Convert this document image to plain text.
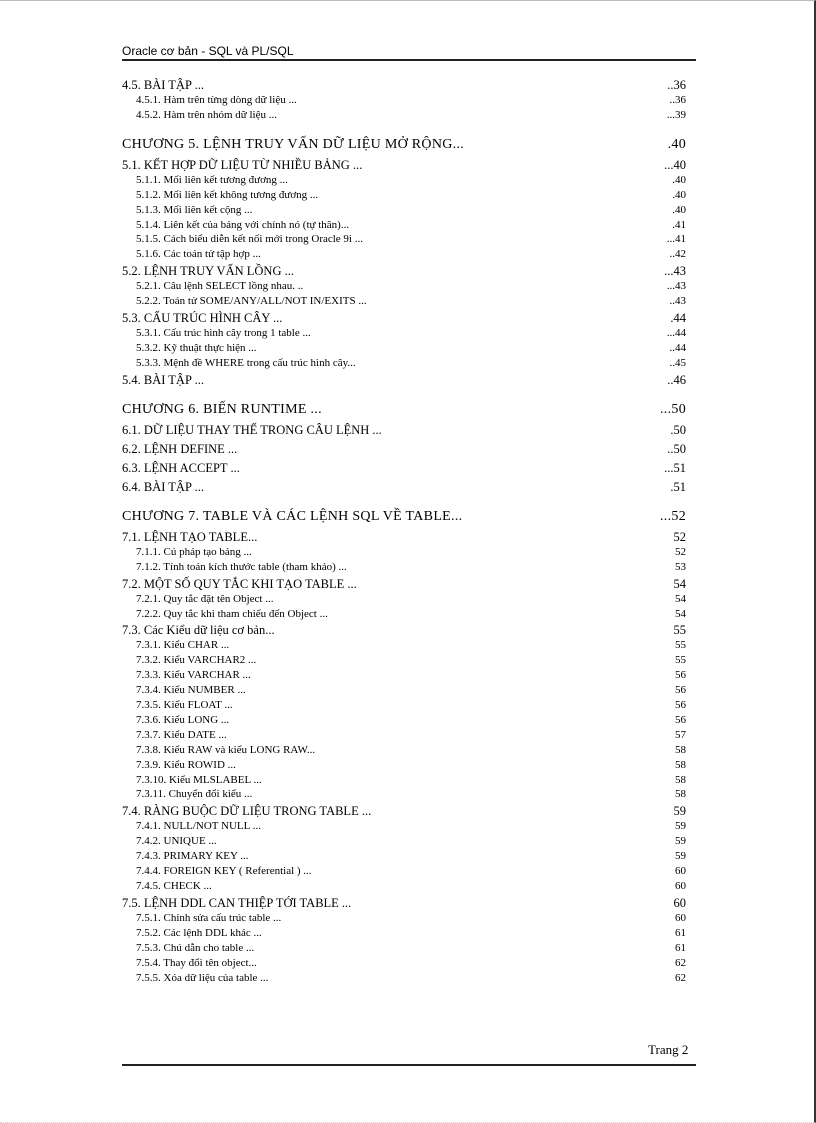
Oracle cơ bản - SQL và PL/SQL
4.5. BÀI TẬP ...	..36
4.5.1. Hàm trên từng dòng dữ liệu ...	..36
4.5.2. Hàm trên nhóm dữ liệu ...	...39
CHƯƠNG 5. LỆNH TRUY VẤN DỮ LIỆU MỞ RỘNG...	.40
5.1. KẾT HỢP DỮ LIỆU TỪ NHIỀU BẢNG ...	...40
5.1.1. Mối liên kết tương đương ...	.40
5.1.2. Mối liên kết không tương đương ...	.40
5.1.3. Mối liên kết cộng ...	.40
5.1.4. Liên kết của bảng với chính nó (tự thân)...	.41
5.1.5. Cách biểu diễn kết nối mới trong Oracle 9i ...	...41
5.1.6. Các toán tử tập hợp ...	..42
5.2. LỆNH TRUY VẤN LỒNG ...	...43
5.2.1. Câu lệnh SELECT lồng nhau. ..	...43
5.2.2. Toán tử SOME/ANY/ALL/NOT IN/EXITS ...	..43
5.3. CẤU TRÚC HÌNH CÂY ...	.44
5.3.1. Cấu trúc hình cây trong 1 table ...	...44
5.3.2. Kỹ thuật thực hiện ...	..44
5.3.3. Mệnh đề WHERE trong cấu trúc hình cây...	..45
5.4. BÀI TẬP ...	..46
CHƯƠNG 6. BIẾN RUNTIME ...	...50
6.1. DỮ LIỆU THAY THẾ TRONG CÂU LỆNH ...	.50
6.2. LỆNH DEFINE ...	..50
6.3. LỆNH ACCEPT ...	...51
6.4. BÀI TẬP ...	.51
CHƯƠNG 7. TABLE VÀ CÁC LỆNH SQL VỀ TABLE...	...52
7.1. LỆNH TẠO TABLE...	52
7.1.1. Cú pháp tạo bảng ...	52
7.1.2. Tính toán kích thước table (tham khảo) ...	53
7.2. MỘT SỐ QUY TẮC KHI TẠO TABLE ...	54
7.2.1. Quy tắc đặt tên Object ...	54
7.2.2. Quy tắc khi tham chiếu đến Object ...	54
7.3. Các Kiểu dữ liệu cơ bản...	55
7.3.1. Kiểu CHAR ...	55
7.3.2. Kiểu VARCHAR2 ...	55
7.3.3. Kiểu VARCHAR ...	56
7.3.4. Kiểu NUMBER ...	56
7.3.5. Kiểu FLOAT ...	56
7.3.6. Kiểu LONG ...	56
7.3.7. Kiểu DATE ...	57
7.3.8. Kiểu RAW và kiểu LONG RAW...	58
7.3.9. Kiểu ROWID ...	58
7.3.10. Kiểu MLSLABEL ...	58
7.3.11. Chuyển đổi kiểu ...	58
7.4. RÀNG BUỘC DỮ LIỆU TRONG TABLE ...	59
7.4.1. NULL/NOT NULL ...	59
7.4.2. UNIQUE ...	59
7.4.3. PRIMARY KEY ...	59
7.4.4. FOREIGN KEY ( Referential ) ...	60
7.4.5. CHECK ...	60
7.5. LỆNH DDL CAN THIỆP TỚI TABLE ...	60
7.5.1. Chỉnh sửa cấu trúc table ...	60
7.5.2. Các lệnh DDL khác ...	61
7.5.3. Chú dẫn cho table ...	61
7.5.4. Thay đổi tên object...	62
7.5.5. Xóa dữ liệu của table ...	62
Trang 2
